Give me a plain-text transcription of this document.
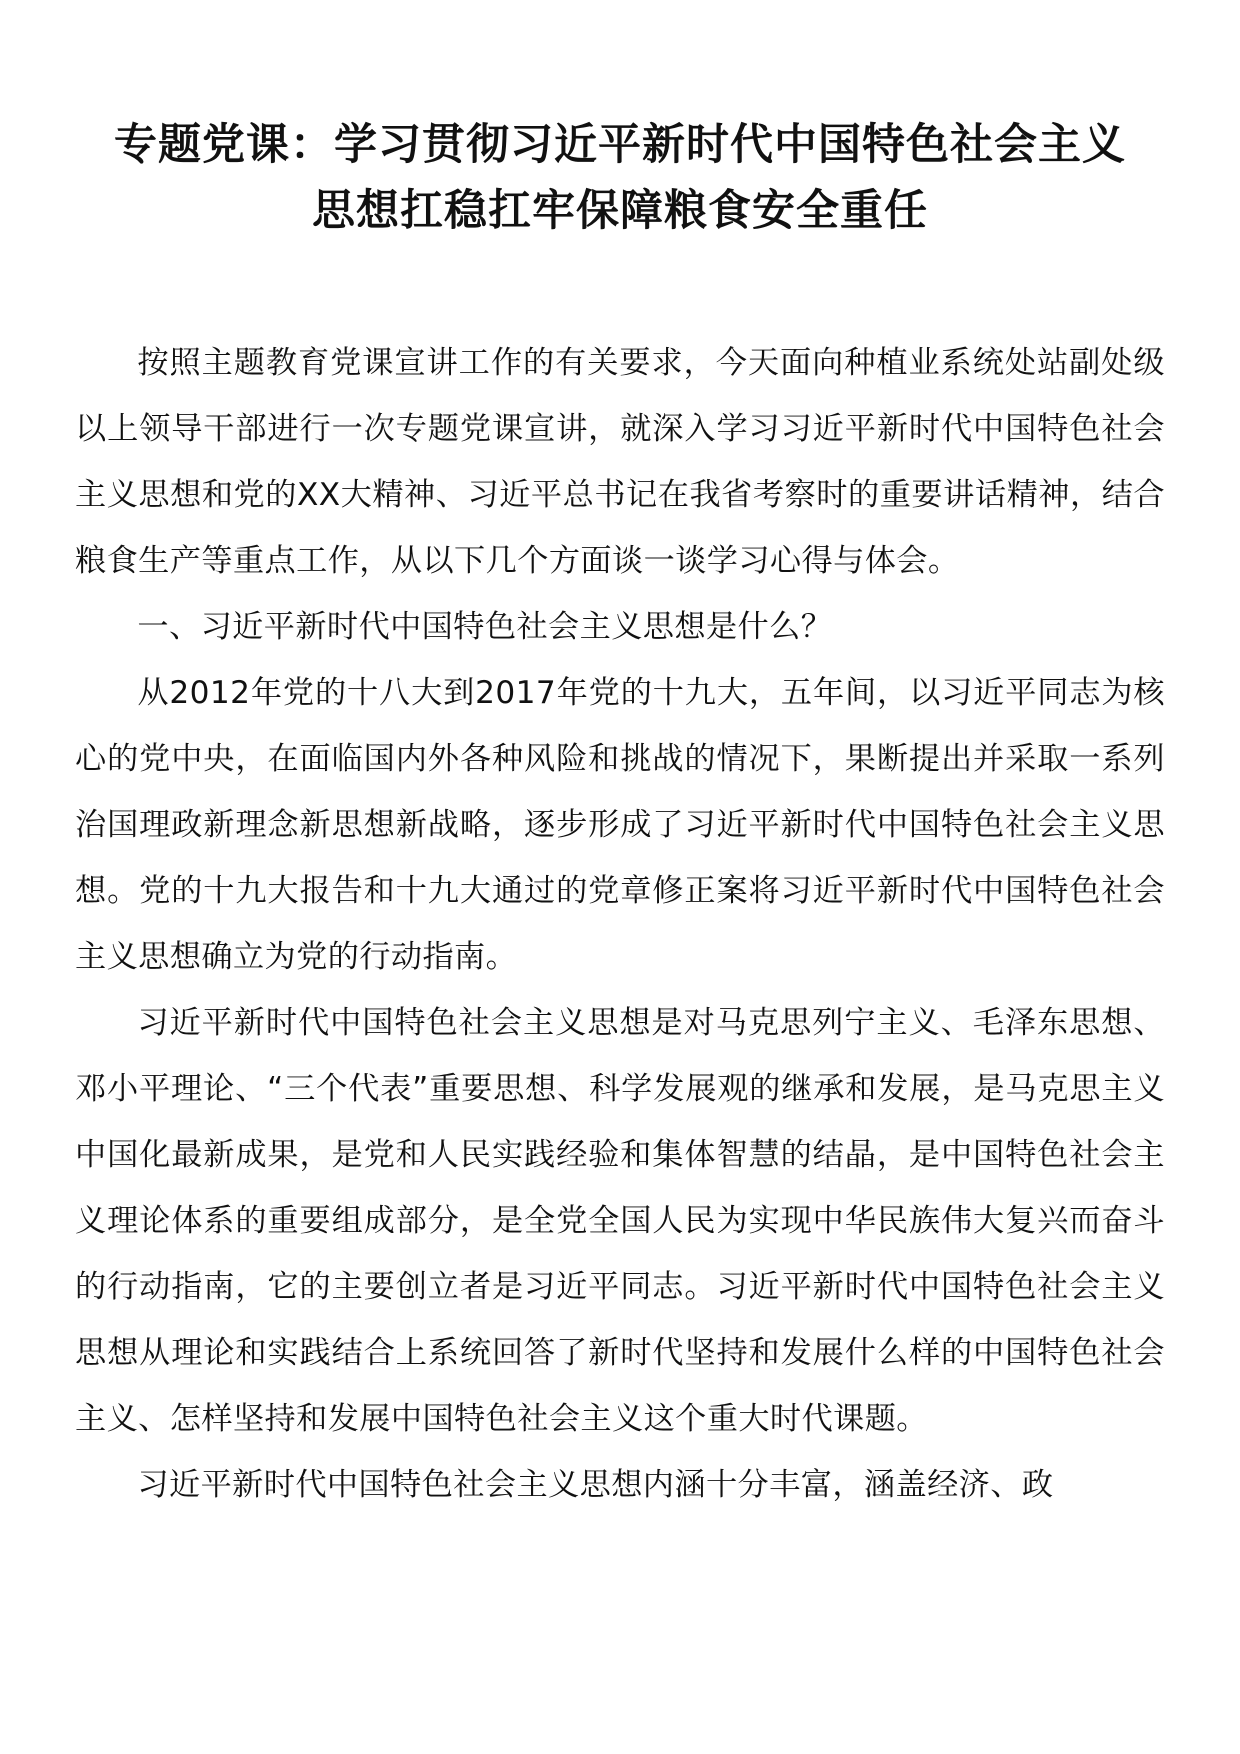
专题党课：学习贯彻习近平新时代中国特色社会主义
思想扛稳扛牢保障粮食安全重任

按照主题教育党课宣讲工作的有关要求，今天面向种植业系统处站副处级以上领导干部进行一次专题党课宣讲，就深入学习习近平新时代中国特色社会主义思想和党的XX大精神、习近平总书记在我省考察时的重要讲话精神，结合粮食生产等重点工作，从以下几个方面谈一谈学习心得与体会。

一、习近平新时代中国特色社会主义思想是什么？

从2012年党的十八大到2017年党的十九大，五年间，以习近平同志为核心的党中央，在面临国内外各种风险和挑战的情况下，果断提出并采取一系列治国理政新理念新思想新战略，逐步形成了习近平新时代中国特色社会主义思想。党的十九大报告和十九大通过的党章修正案将习近平新时代中国特色社会主义思想确立为党的行动指南。

习近平新时代中国特色社会主义思想是对马克思列宁主义、毛泽东思想、邓小平理论、“三个代表”重要思想、科学发展观的继承和发展，是马克思主义中国化最新成果，是党和人民实践经验和集体智慧的结晶，是中国特色社会主义理论体系的重要组成部分，是全党全国人民为实现中华民族伟大复兴而奋斗的行动指南，它的主要创立者是习近平同志。习近平新时代中国特色社会主义思想从理论和实践结合上系统回答了新时代坚持和发展什么样的中国特色社会主义、怎样坚持和发展中国特色社会主义这个重大时代课题。

习近平新时代中国特色社会主义思想内涵十分丰富，涵盖经济、政
